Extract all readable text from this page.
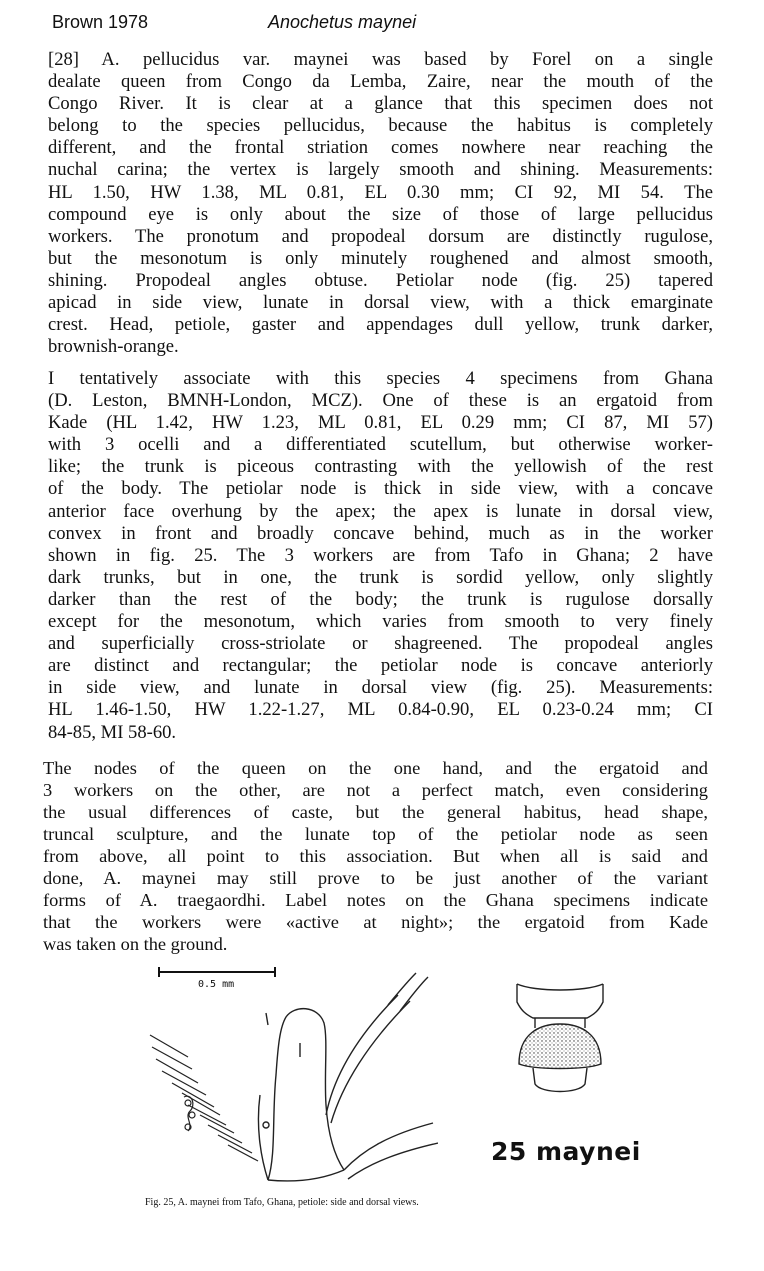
Brown 1978	Anochetus maynei
[28] A. pellucidus var. maynei was based by Forel on a single
dealate queen from Congo da Lemba, Zaire, near the mouth of the
Congo River. It is clear at a glance that this specimen does not
belong to the species pellucidus, because the habitus is completely
different, and the frontal striation comes nowhere near reaching the
nuchal carina; the vertex is largely smooth and shining. Measurements:
HL 1.50, HW 1.38, ML 0.81, EL 0.30 mm; CI 92, MI 54. The
compound eye is only about the size of those of large pellucidus
workers. The pronotum and propodeal dorsum are distinctly rugulose,
but the mesonotum is only minutely roughened and almost smooth,
shining. Propodeal angles obtuse. Petiolar node (fig. 25) tapered
apicad in side view, lunate in dorsal view, with a thick emarginate
crest. Head, petiole, gaster and appendages dull yellow, trunk darker,
brownish-orange.
I tentatively associate with this species 4 specimens from Ghana
(D. Leston, BMNH-London, MCZ). One of these is an ergatoid from
Kade (HL 1.42, HW 1.23, ML 0.81, EL 0.29 mm; CI 87, MI 57)
with 3 ocelli and a differentiated scutellum, but otherwise worker-
like; the trunk is piceous contrasting with the yellowish of the rest
of the body. The petiolar node is thick in side view, with a concave
anterior face overhung by the apex; the apex is lunate in dorsal view,
convex in front and broadly concave behind, much as in the worker
shown in fig. 25. The 3 workers are from Tafo in Ghana; 2 have
dark trunks, but in one, the trunk is sordid yellow, only slightly
darker than the rest of the body; the trunk is rugulose dorsally
except for the mesonotum, which varies from smooth to very finely
and superficially cross-striolate or shagreened. The propodeal angles
are distinct and rectangular; the petiolar node is concave anteriorly
in side view, and lunate in dorsal view (fig. 25). Measurements:
HL 1.46-1.50, HW 1.22-1.27, ML 0.84-0.90, EL 0.23-0.24 mm; CI
84-85, MI 58-60.
The nodes of the queen on the one hand, and the ergatoid and
3 workers on the other, are not a perfect match, even considering
the usual differences of caste, but the general habitus, head shape,
truncal sculpture, and the lunate top of the petiolar node as seen
from above, all point to this association. But when all is said and
done, A. maynei may still prove to be just another of the variant
forms of A. traegaordhi. Label notes on the Ghana specimens indicate
that the workers were «active at night»; the ergatoid from Kade
was taken on the ground.
0.5 mm
25 maynei
Fig. 25, A. maynei from Tafo, Ghana, petiole: side and dorsal views.
